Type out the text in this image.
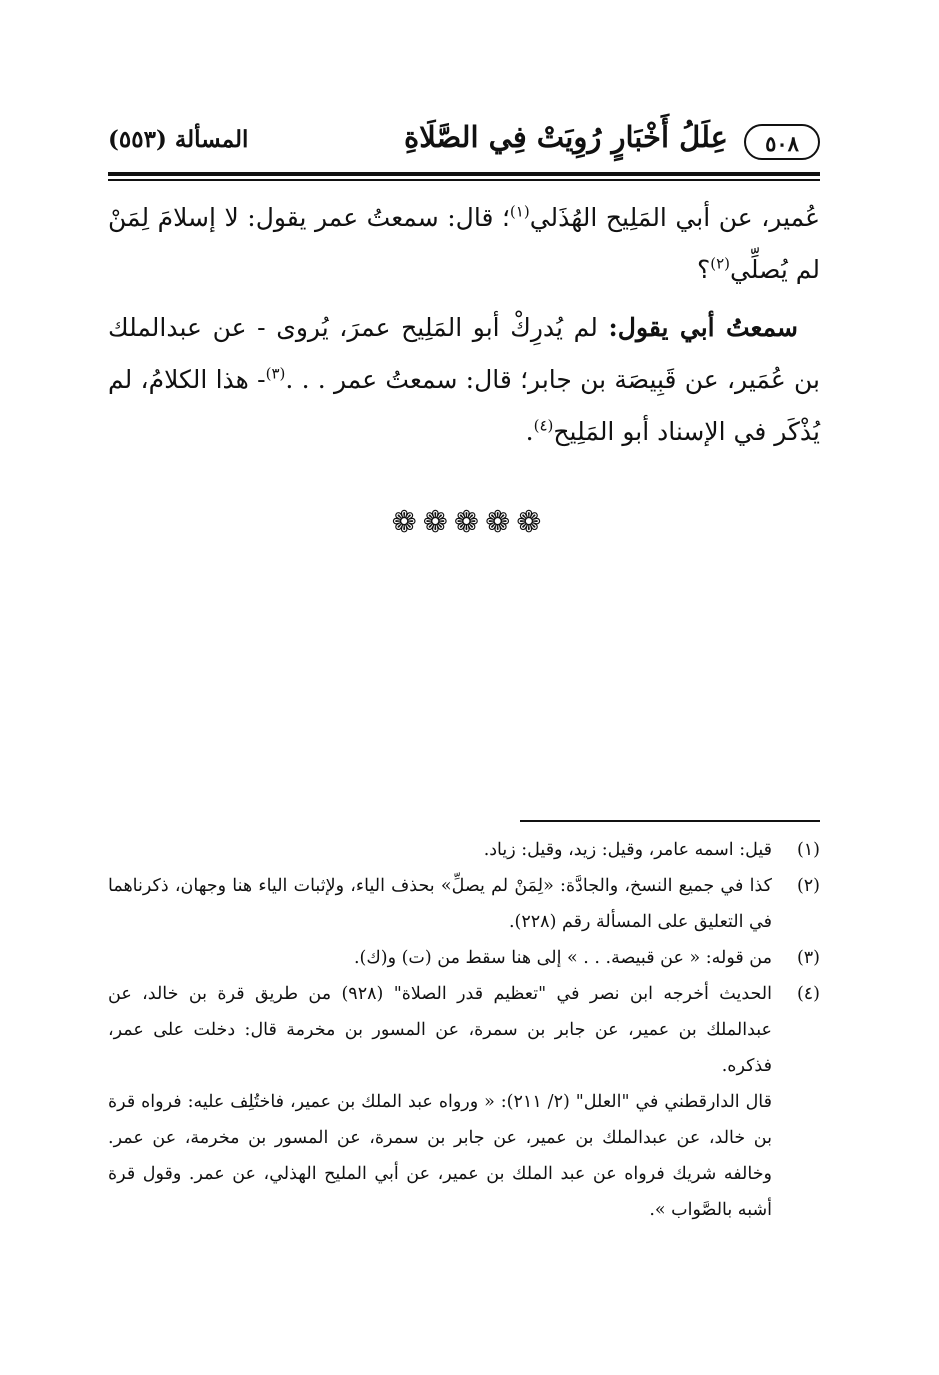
٥٠٨
عِلَلُ أَخْبَارٍ رُوِيَتْ فِي الصَّلَاةِ
المسألة (٥٥٣)

عُمير، عن أبي المَلِيح الهُذَلي$^{(١)}$؛ قال: سمعتُ عمر يقول: لا إسلامَ لِمَنْ لم يُصلِّي$^{(٢)}$؟

سمعتُ أبي يقول: لم يُدرِكْ أبو المَلِيح عمرَ، يُروى - عن عبدالملك بن عُمَير، عن قَبِيصَة بن جابر؛ قال: سمعتُ عمر . . .$^{(٣)}$- هذا الكلامُ، لم يُذْكَر في الإسناد أبو المَلِيح$^{(٤)}$.

❁❁❁❁❁
(١)
قيل: اسمه عامر، وقيل: زيد، وقيل: زياد.
(٢)
كذا في جميع النسخ، والجادَّة: «لِمَنْ لم يصلِّ» بحذف الياء، ولإثبات الياء هنا وجهان، ذكرناهما في التعليق على المسألة رقم (٢٢٨).
(٣)
من قوله: « عن قبيصة. . . » إلى هنا سقط من (ت) و(ك).
(٤)
الحديث أخرجه ابن نصر في "تعظيم قدر الصلاة" (٩٢٨) من طريق قرة بن خالد، عن عبدالملك بن عمير، عن جابر بن سمرة، عن المسور بن مخرمة قال: دخلت على عمر، فذكره.
قال الدارقطني في "العلل" (٢/ ٢١١): « ورواه عبد الملك بن عمير، فاختُلِف عليه: فرواه قرة بن خالد، عن عبدالملك بن عمير، عن جابر بن سمرة، عن المسور بن مخرمة، عن عمر. وخالفه شريك فرواه عن عبد الملك بن عمير، عن أبي المليح الهذلي، عن عمر. وقول قرة أشبه بالصَّواب ».
